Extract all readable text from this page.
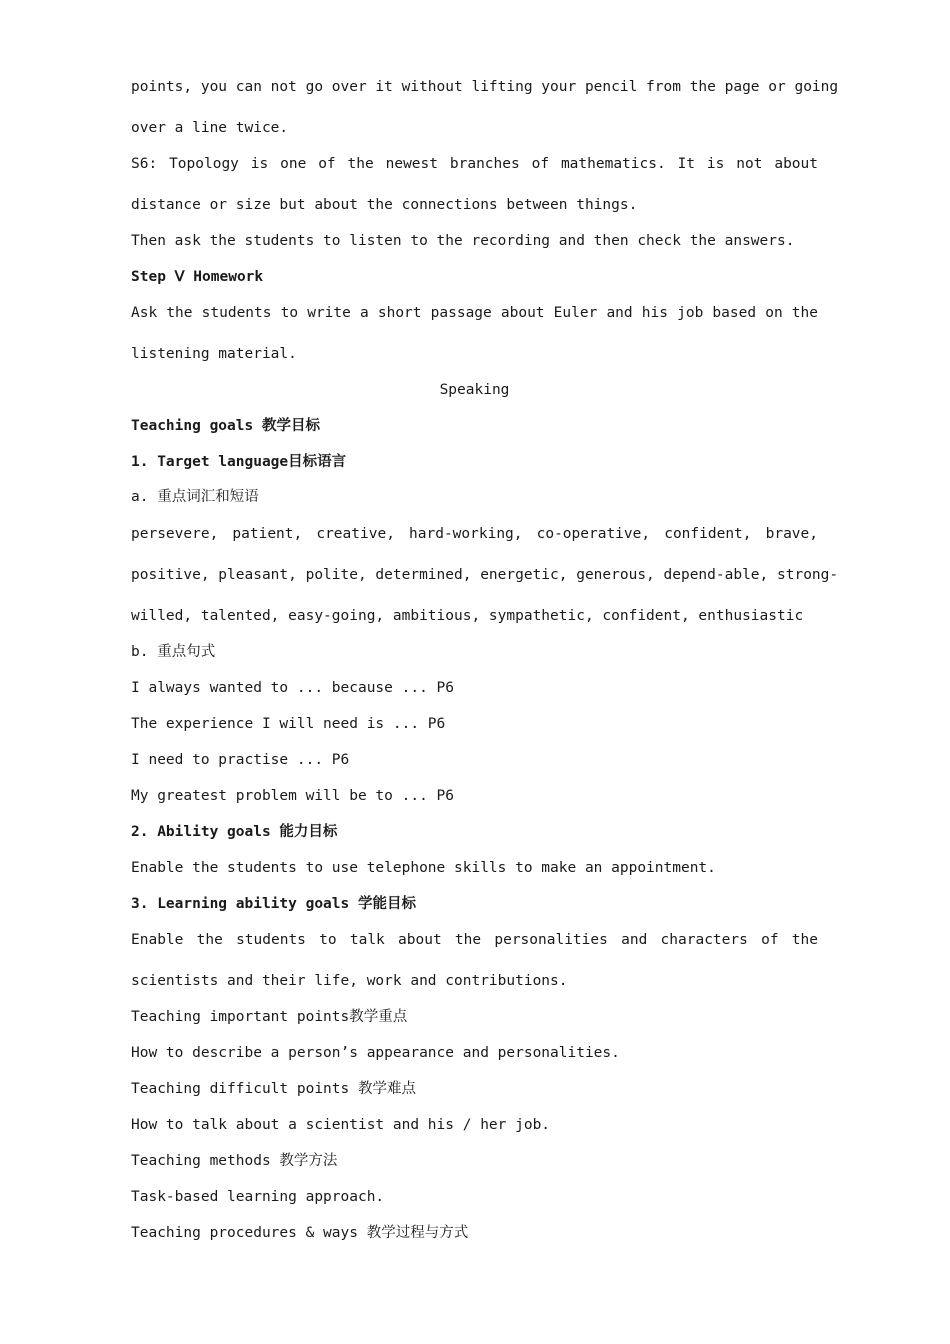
points, you can not go over it without lifting your pencil from the page or going
over a line twice.
S6: Topology is one of the newest branches of mathematics. It is not about
distance or size but about the connections between things.
Then ask the students to listen to the recording and then check the answers.
Step Ⅴ Homework
Ask the students to write a short passage about Euler and his job based on the
listening material.
Speaking
Teaching goals 教学目标
1. Target language目标语言
a. 重点词汇和短语
persevere, patient, creative, hard-working, co-operative, confident, brave,
positive, pleasant, polite, determined, energetic, generous, depend-able, strong-
willed, talented, easy-going, ambitious, sympathetic, confident, enthusiastic
b. 重点句式
I always wanted to ... because ... P6
The experience I will need is ... P6
I need to practise ... P6
My greatest problem will be to ... P6
2. Ability goals 能力目标
Enable the students to use telephone skills to make an appointment.
3. Learning ability goals 学能目标
Enable the students to talk about the personalities and characters of the
scientists and their life, work and contributions.
Teaching important points教学重点
How to describe a person’s appearance and personalities.
Teaching difficult points 教学难点
How to talk about a scientist and his / her job.
Teaching methods 教学方法
Task-based learning approach.
Teaching procedures & ways 教学过程与方式
